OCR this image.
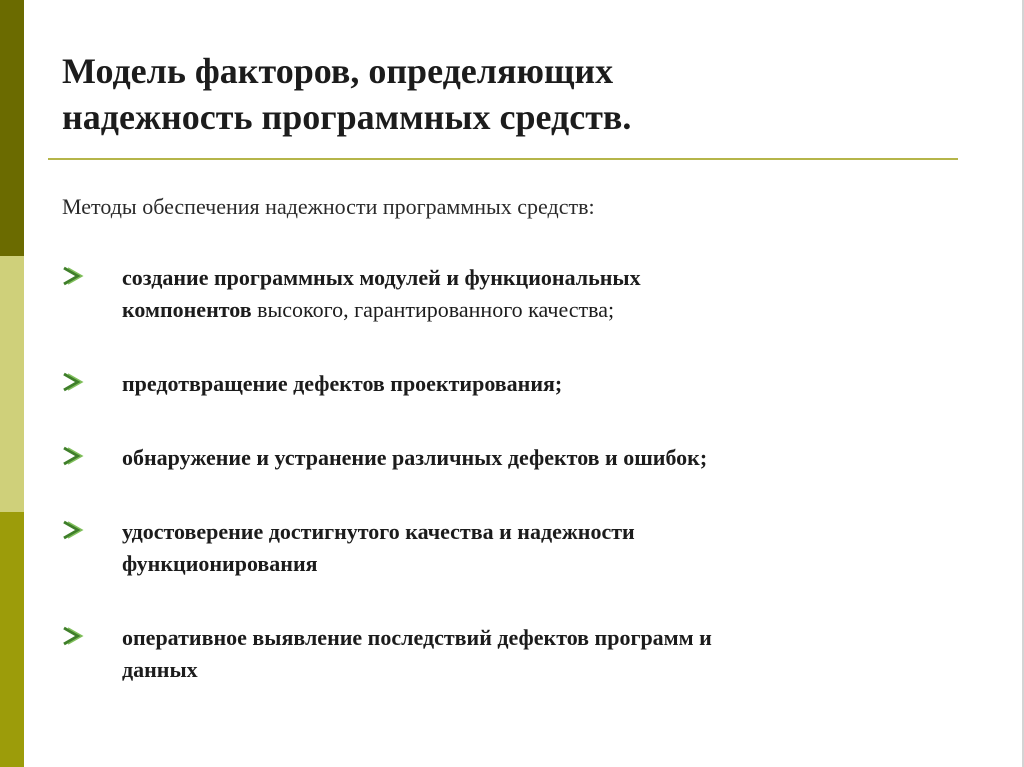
Модель факторов, определяющих
надежность программных средств.
Методы обеспечения надежности программных средств:
создание программных модулей и функциональных
компонентов высокого, гарантированного качества;
предотвращение дефектов проектирования;
обнаружение и устранение различных дефектов и ошибок;
удостоверение достигнутого качества и надежности
функционирования
оперативное выявление последствий дефектов программ и
данных
